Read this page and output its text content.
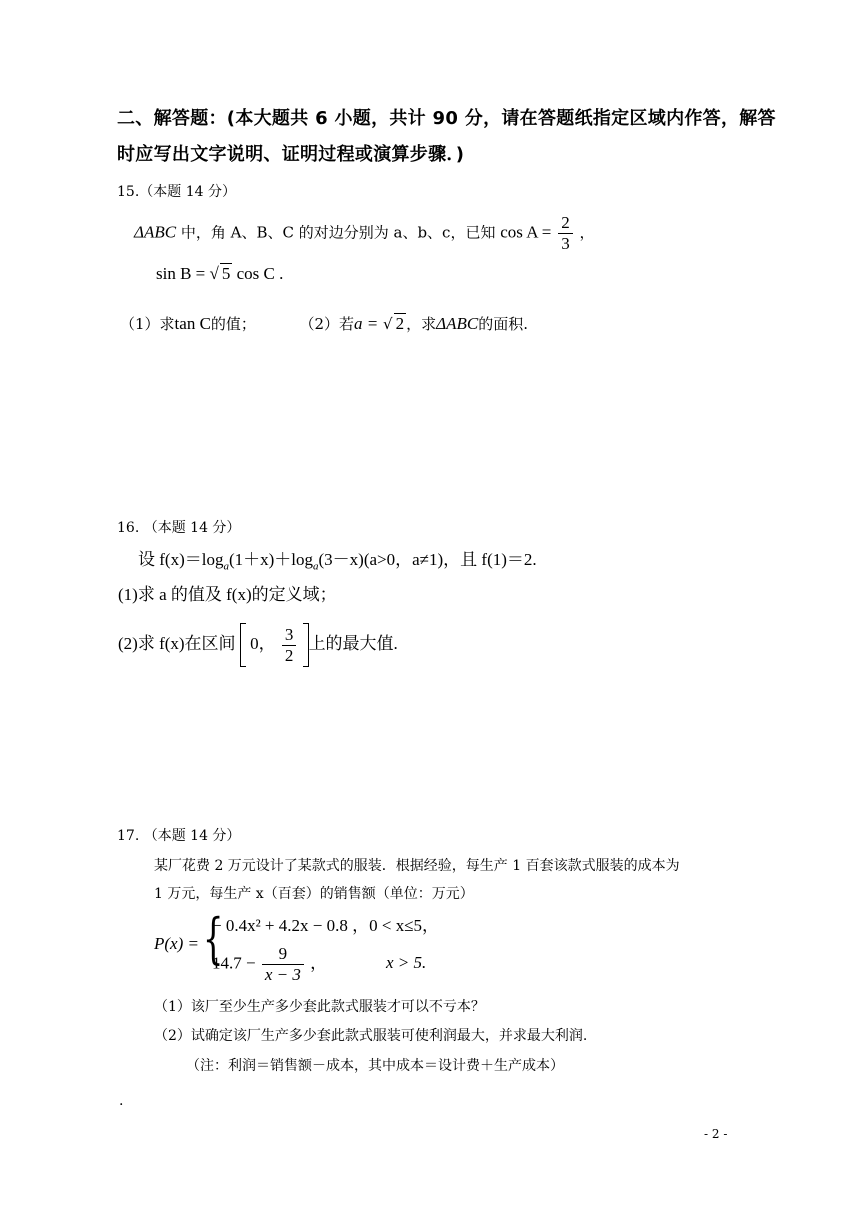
二、解答题：(本大题共 6 小题，共计 90 分，请在答题纸指定区域内作答，解答
时应写出文字说明、证明过程或演算步骤．)
15.（本题 14 分）
ΔABC 中，角 A、B、C 的对边分别为 a、b、c，已知 $\cos A = \frac{2}{3}$ ，
sin B = √ 5 cos C .
（1）求tan C的值；	（2）若a = √ 2 ，求ΔABC的面积.
16. （本题 14 分）
设 $f(x)=\log_a(1+x)+\log_a(3-x)(a>0$，a≠1)，且 f(1)＝2.
(1)求 a 的值及 f(x)的定义域；
(2)求 f(x)在区间 0， $\frac{3}{2}$ 上的最大值.
17. （本题 14 分）
某厂花费 2 万元设计了某款式的服装．根据经验，每生产 1 百套该款式服装的成本为
1 万元，每生产 x（百套）的销售额（单位：万元）
P(x) = {
− 0.4x² + 4.2x − 0.8 ，0 < x≤5，
$14.7 - \frac{9}{x - 3}$ ，	x > 5.
（1）该厂至少生产多少套此款式服装才可以不亏本？
（2）试确定该厂生产多少套此款式服装可使利润最大，并求最大利润.
（注：利润＝销售额－成本，其中成本＝设计费＋生产成本）
.
- 2 -
